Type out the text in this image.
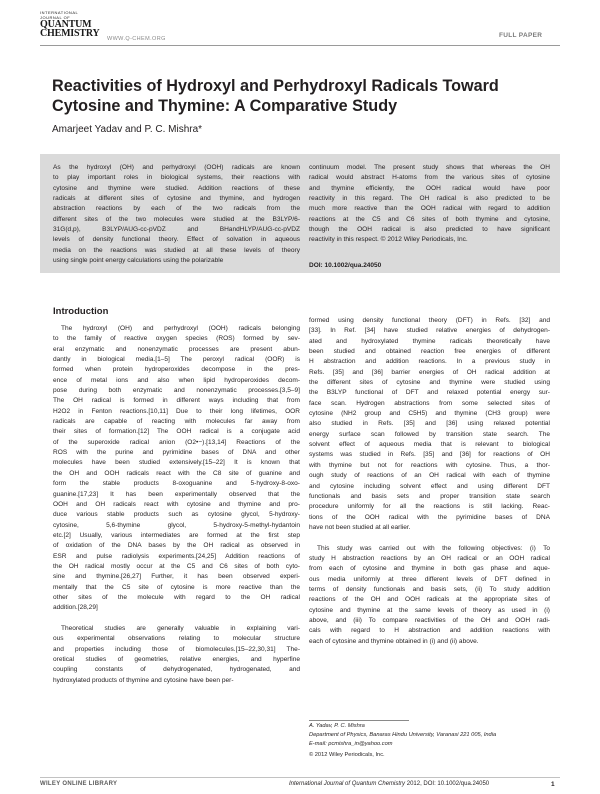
INTERNATIONAL JOURNAL OF
QUANTUM
CHEMISTRY WWW.Q-CHEM.ORG	FULL PAPER
Reactivities of Hydroxyl and Perhydroxyl Radicals Toward Cytosine and Thymine: A Comparative Study
Amarjeet Yadav and P. C. Mishra*
As the hydroxyl (OH) and perhydroxyl (OOH) radicals are known
to play important roles in biological systems, their reactions with
cytosine and thymine were studied. Addition reactions of these
radicals at different sites of cytosine and thymine, and hydrogen
abstraction reactions by each of the two radicals from the
different sites of the two molecules were studied at the B3LYP/6-
31G(d,p), B3LYP/AUG-cc-pVDZ and BHandHLYP/AUG-cc-pVDZ
levels of density functional theory. Effect of solvation in aqueous
media on the reactions was studied at all these levels of theory
using single point energy calculations using the polarizable
continuum model. The present study shows that whereas the OH
radical would abstract H-atoms from the various sites of cytosine
and thymine efficiently, the OOH radical would have poor
reactivity in this regard. The OH radical is also predicted to be
much more reactive than the OOH radical with regard to addition
reactions at the C5 and C6 sites of both thymine and cytosine,
though the OOH radical is also predicted to have significant
reactivity in this respect. © 2012 Wiley Periodicals, Inc.
DOI: 10.1002/qua.24050
Introduction
The hydroxyl (OH) and perhydroxyl (OOH) radicals belonging
to the family of reactive oxygen species (ROS) formed by sev-
eral enzymatic and nonenzymatic processes are present abun-
dantly in biological media.[1–5] The peroxyl radical (OOR) is
formed when protein hydroperoxides decompose in the pres-
ence of metal ions and also when lipid hydroperoxides decom-
pose during both enzymatic and nonenzymatic processes.[3,5–9]
The OH radical is formed in different ways including that from
H2O2 in Fenton reactions.[10,11] Due to their long lifetimes, OOR
radicals are capable of reacting with molecules far away from
their sites of formation.[12] The OOH radical is a conjugate acid
of the superoxide radical anion (O2•−).[13,14] Reactions of the
ROS with the purine and pyrimidine bases of DNA and other
molecules have been studied extensively.[15–22] It is known that
the OH and OOH radicals react with the C8 site of guanine and
form the stable products 8-oxoguanine and 5-hydroxy-8-oxo-
guanine.[17,23] It has been experimentally observed that the
OOH and OH radicals react with cytosine and thymine and pro-
duce various stable products such as cytosine glycol, 5-hydroxy-
cytosine, 5,6-thymine glycol, 5-hydroxy-5-methyl-hydantoin
etc.[2] Usually, various intermediates are formed at the first step
of oxidation of the DNA bases by the OH radical as observed in
ESR and pulse radiolysis experiments.[24,25] Addition reactions of
the OH radical mostly occur at the C5 and C6 sites of both cyto-
sine and thymine.[26,27] Further, it has been observed experi-
mentally that the C5 site of cytosine is more reactive than the
other sites of the molecule with regard to the OH radical
addition.[28,29]

Theoretical studies are generally valuable in explaining vari-
ous experimental observations relating to molecular structure
and properties including those of biomolecules.[15–22,30,31] The-
oretical studies of geometries, relative energies, and hyperfine
coupling constants of dehydrogenated, hydrogenated, and
hydroxylated products of thymine and cytosine have been per-
formed using density functional theory (DFT) in Refs. [32] and
[33]. In Ref. [34] have studied relative energies of dehydrogen-
ated and hydroxylated thymine radicals theoretically have
been studied and obtained reaction free energies of different
H abstraction and addition reactions. In a previous study in
Refs. [35] and [36] barrier energies of OH radical addition at
the different sites of cytosine and thymine were studied using
the B3LYP functional of DFT and relaxed potential energy sur-
face scan. Hydrogen abstractions from some selected sites of
cytosine (NH2 group and C5H5) and thymine (CH3 group) were
also studied in Refs. [35] and [36] using relaxed potential
energy surface scan followed by transition state search. The
solvent effect of aqueous media that is relevant to biological
systems was studied in Refs. [35] and [36] for reactions of OH
with thymine but not for reactions with cytosine. Thus, a thor-
ough study of reactions of an OH radical with each of thymine
and cytosine including solvent effect and using different DFT
functionals and basis sets and proper transition state search
procedure uniformly for all the reactions is still lacking. Reac-
tions of the OOH radical with the pyrimidine bases of DNA
have not been studied at all earlier.

This study was carried out with the following objectives: (i) To
study H abstraction reactions by an OH radical or an OOH radical
from each of cytosine and thymine in both gas phase and aque-
ous media uniformly at three different levels of DFT defined in
terms of density functionals and basis sets, (ii) To study addition
reactions of the OH and OOH radicals at the appropriate sites of
cytosine and thymine at the same levels of theory as used in (i)
above, and (iii) To compare reactivities of the OH and OOH radi-
cals with regard to H abstraction and addition reactions with
each of cytosine and thymine obtained in (i) and (ii) above.
A. Yadav, P. C. Mishra
Department of Physics, Banaras Hindu University, Varanasi 221 005, India
E-mail: pcmishra_in@yahoo.com
© 2012 Wiley Periodicals, Inc.
WILEY ONLINE LIBRARY	International Journal of Quantum Chemistry 2012, DOI: 10.1002/qua.24050	1
